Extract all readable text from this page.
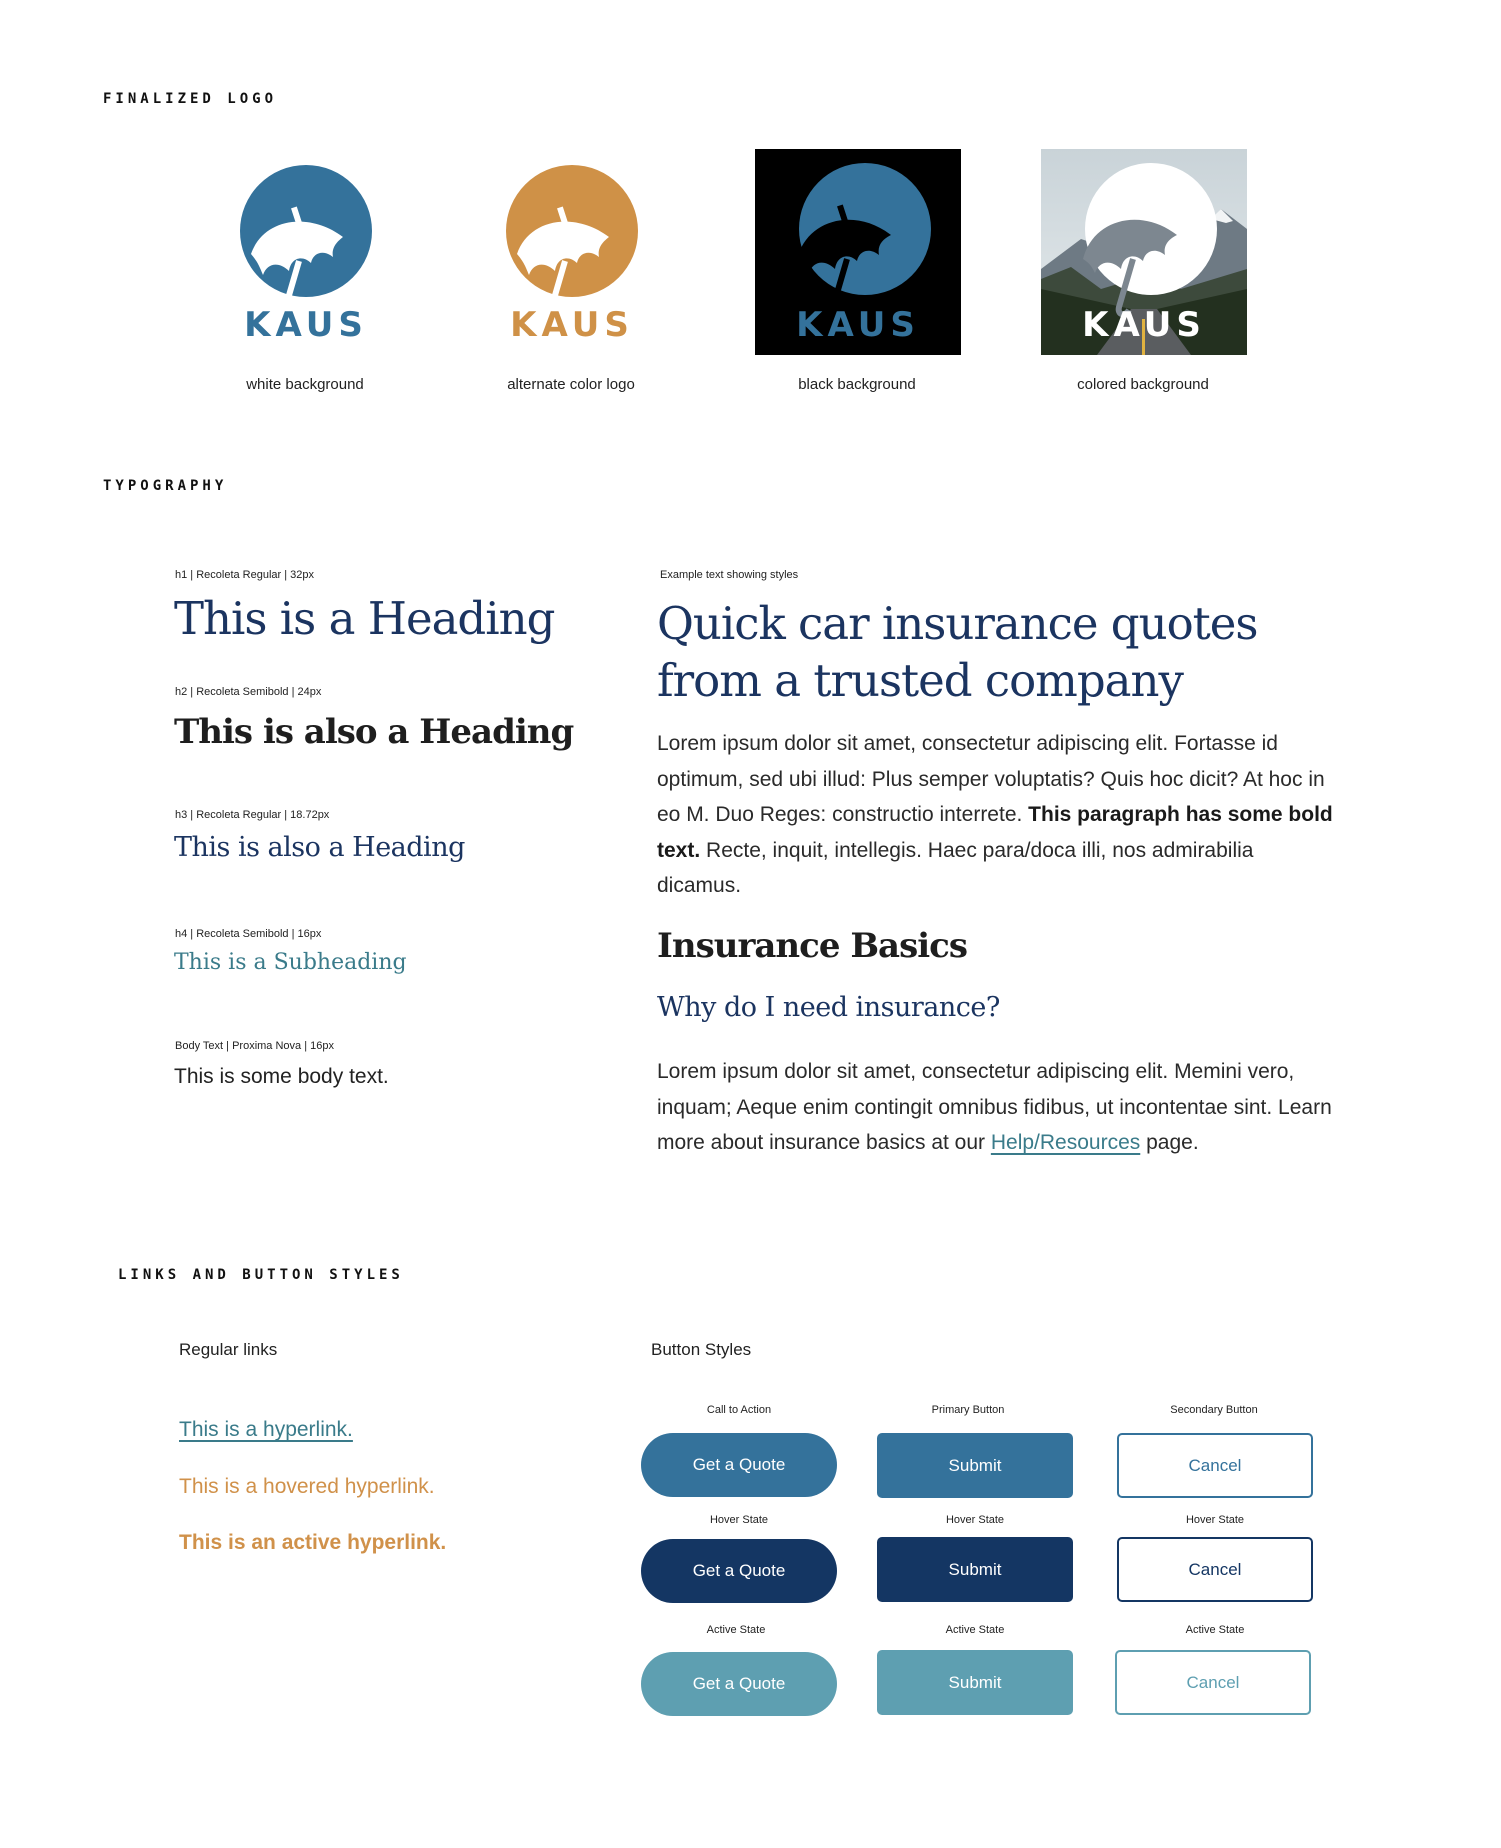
FINALIZED LOGO
KAUS
white background
KAUS
alternate color logo
KAUS
black background
KAUS
colored background
TYPOGRAPHY
h1 | Recoleta Regular | 32px
This is a Heading
h2 | Recoleta Semibold | 24px
This is also a Heading
h3 | Recoleta Regular | 18.72px
This is also a Heading
h4 | Recoleta Semibold | 16px
This is a Subheading
Body Text | Proxima Nova | 16px
This is some body text.
Example text showing styles
Quick car insurance quotes from a trusted company
Lorem ipsum dolor sit amet, consectetur adipiscing elit. Fortasse id optimum, sed ubi illud: Plus semper voluptatis? Quis hoc dicit? At hoc in eo M. Duo Reges: constructio interrete. This paragraph has some bold text. Recte, inquit, intellegis. Haec para/doca illi, nos admirabilia dicamus.
Insurance Basics
Why do I need insurance?
Lorem ipsum dolor sit amet, consectetur adipiscing elit. Memini vero, inquam; Aeque enim contingit omnibus fidibus, ut incontentae sint. Learn more about insurance basics at our Help/Resources page.
LINKS AND BUTTON STYLES
Regular links
This is a hyperlink.
This is a hovered hyperlink.
This is an active hyperlink.
Button Styles
Call to Action	Primary Button	Secondary Button
Get a Quote	Submit	Cancel
Hover State	Hover State	Hover State
Get a Quote	Submit	Cancel
Active State	Active State	Active State
Get a Quote	Submit	Cancel
